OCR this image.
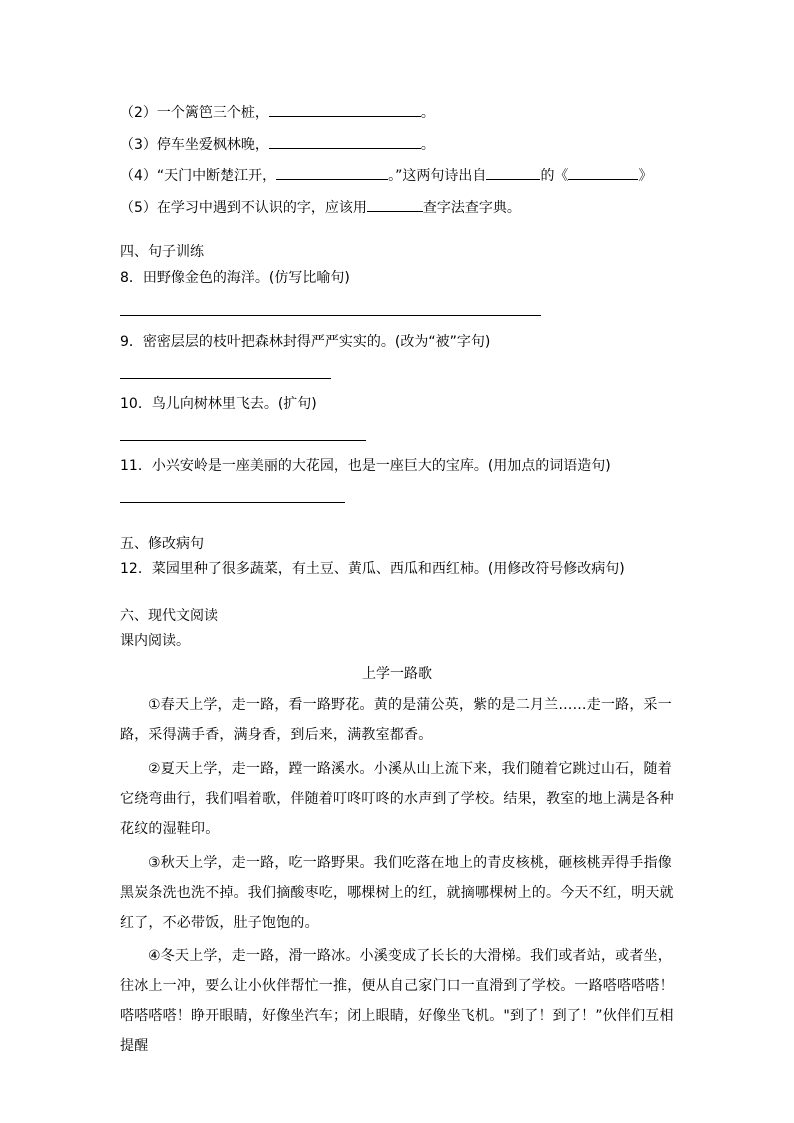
（2）一个篱笆三个桩，	。
（3）停车坐爱枫林晚，	。
（4）“天门中断楚江开，	。”这两句诗出自	的《	》
（5）在学习中遇到不认识的字，应该用	查字法查字典。
四、句子训练
8．田野像金色的海洋。(仿写比喻句)
9．密密层层的枝叶把森林封得严严实实的。(改为“被”字句)
10．鸟儿向树林里飞去。(扩句)
11．小兴安岭是一座美丽的大花园，也是一座巨大的宝库。(用加点的词语造句)
五、修改病句
12．菜园里种了很多蔬菜，有土豆、黄瓜、西瓜和西红柿。(用修改符号修改病句)
六、现代文阅读
课内阅读。
上学一路歌

①春天上学，走一路，看一路野花。黄的是蒲公英，紫的是二月兰……走一路，采一路，采得满手香，满身香，到后来，满教室都香。

②夏天上学，走一路，蹚一路溪水。小溪从山上流下来，我们随着它跳过山石，随着它绕弯曲行，我们唱着歌，伴随着叮咚叮咚的水声到了学校。结果，教室的地上满是各种花纹的湿鞋印。

③秋天上学，走一路，吃一路野果。我们吃落在地上的青皮核桃，砸核桃弄得手指像黑炭条洗也洗不掉。我们摘酸枣吃，哪棵树上的红，就摘哪棵树上的。今天不红，明天就红了，不必带饭，肚子饱饱的。

④冬天上学，走一路，滑一路冰。小溪变成了长长的大滑梯。我们或者站，或者坐，往冰上一冲，要么让小伙伴帮忙一推，便从自己家门口一直滑到了学校。一路嗒嗒嗒嗒！嗒嗒嗒嗒！睁开眼睛，好像坐汽车；闭上眼睛，好像坐飞机。"到了！到了！”伙伴们互相提醒
